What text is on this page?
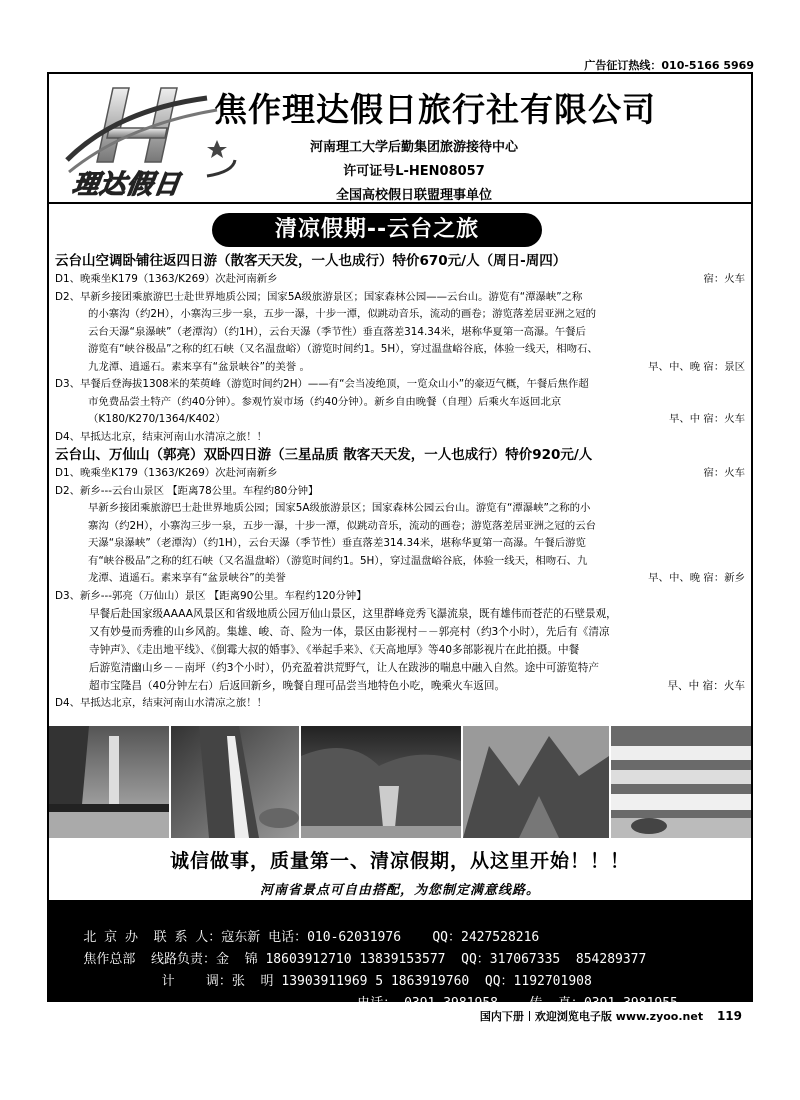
广告征订热线：010-5166 5969
理达假日
焦作理达假日旅行社有限公司
河南理工大学后勤集团旅游接待中心
许可证号L-HEN08057
全国高校假日联盟理事单位
清凉假期--云台之旅
云台山空调卧铺往返四日游（散客天天发，一人也成行）特价670元/人（周日-周四）
D1、晚乘坐K179（1363/K269）次赴河南新乡	宿：火车
D2、早新乡接团乘旅游巴士赴世界地质公园；国家5A级旅游景区；国家森林公园——云台山。游览有“潭瀑峡”之称
的小寨沟（约2H），小寨沟三步一泉，五步一瀑，十步一潭，似跳动音乐，流动的画卷；游览落差居亚洲之冠的
云台天瀑“泉瀑峡”（老潭沟）（约1H），云台天瀑（季节性）垂直落差314.34米，堪称华夏第一高瀑。午餐后
游览有“峡谷极品”之称的红石峡（又名温盘峪）（游览时间约1。5H），穿过温盘峪谷底，体验一线天，相吻石、
九龙潭、逍遥石。素来享有“盆景峡谷”的美誉 。	早、中、晚 宿：景区
D3、早餐后登海拔1308米的茱萸峰（游览时间约2H）——有“会当凌绝顶，一览众山小”的豪迈气概，午餐后焦作超
市免费品尝土特产（约40分钟）。参观竹炭市场（约40分钟）。新乡自由晚餐（自理）后乘火车返回北京
（K180/K270/1364/K402）	早、中 宿：火车
D4、早抵达北京，结束河南山水清凉之旅！！
云台山、万仙山（郭亮）双卧四日游（三星品质 散客天天发，一人也成行）特价920元/人
D1、晚乘坐K179（1363/K269）次赴河南新乡	宿：火车
D2、新乡---云台山景区 【距离78公里。车程约80分钟】
早新乡接团乘旅游巴士赴世界地质公园；国家5A级旅游景区；国家森林公园云台山。游览有“潭瀑峡”之称的小
寨沟（约2H），小寨沟三步一泉，五步一瀑，十步一潭，似跳动音乐，流动的画卷；游览落差居亚洲之冠的云台
天瀑“泉瀑峡”（老潭沟）（约1H），云台天瀑（季节性）垂直落差314.34米，堪称华夏第一高瀑。午餐后游览
有“峡谷极品”之称的红石峡（又名温盘峪）（游览时间约1。5H），穿过温盘峪谷底，体验一线天，相吻石、九
龙潭、逍遥石。素来享有“盆景峡谷”的美誉	早、中、晚 宿：新乡
D3、新乡---郭亮（万仙山）景区 【距离90公里。车程约120分钟】
早餐后赴国家级AAAA风景区和省级地质公园万仙山景区，这里群峰竞秀飞瀑流泉，既有雄伟而苍茫的石壁景观，
又有妙曼而秀雅的山乡风韵。集雄、峻、奇、险为一体，景区由影视村－－郭亮村（约3个小时），先后有《清凉
寺钟声》、《走出地平线》、《倒霉大叔的婚事》、《举起手来》、《天高地厚》等40多部影视片在此拍摄。中餐
后游览清幽山乡－－南坪（约3个小时），仍充盈着洪荒野气，让人在跋涉的喘息中融入自然。途中可游览特产
超市宝隆昌（40分钟左右）后返回新乡，晚餐自理可品尝当地特色小吃，晚乘火车返回。	早、中 宿：火车
D4、早抵达北京，结束河南山水清凉之旅！！
诚信做事，质量第一、清凉假期，从这里开始！！！
河南省景点可自由搭配，为您制定满意线路。

北 京 办 联 系 人：寇东新 电话：010-62031976 QQ：2427528216

焦作总部 线路负责：金  锦 18603912710 13839153577 QQ：317067335  854289377

计    调：张  明 13903911969 5 1863919760 QQ：1192701908

电话： 0391-3981958 传  真：0391-3981955

国内下册 欢迎浏览电子版 www.zyoo.net 119
